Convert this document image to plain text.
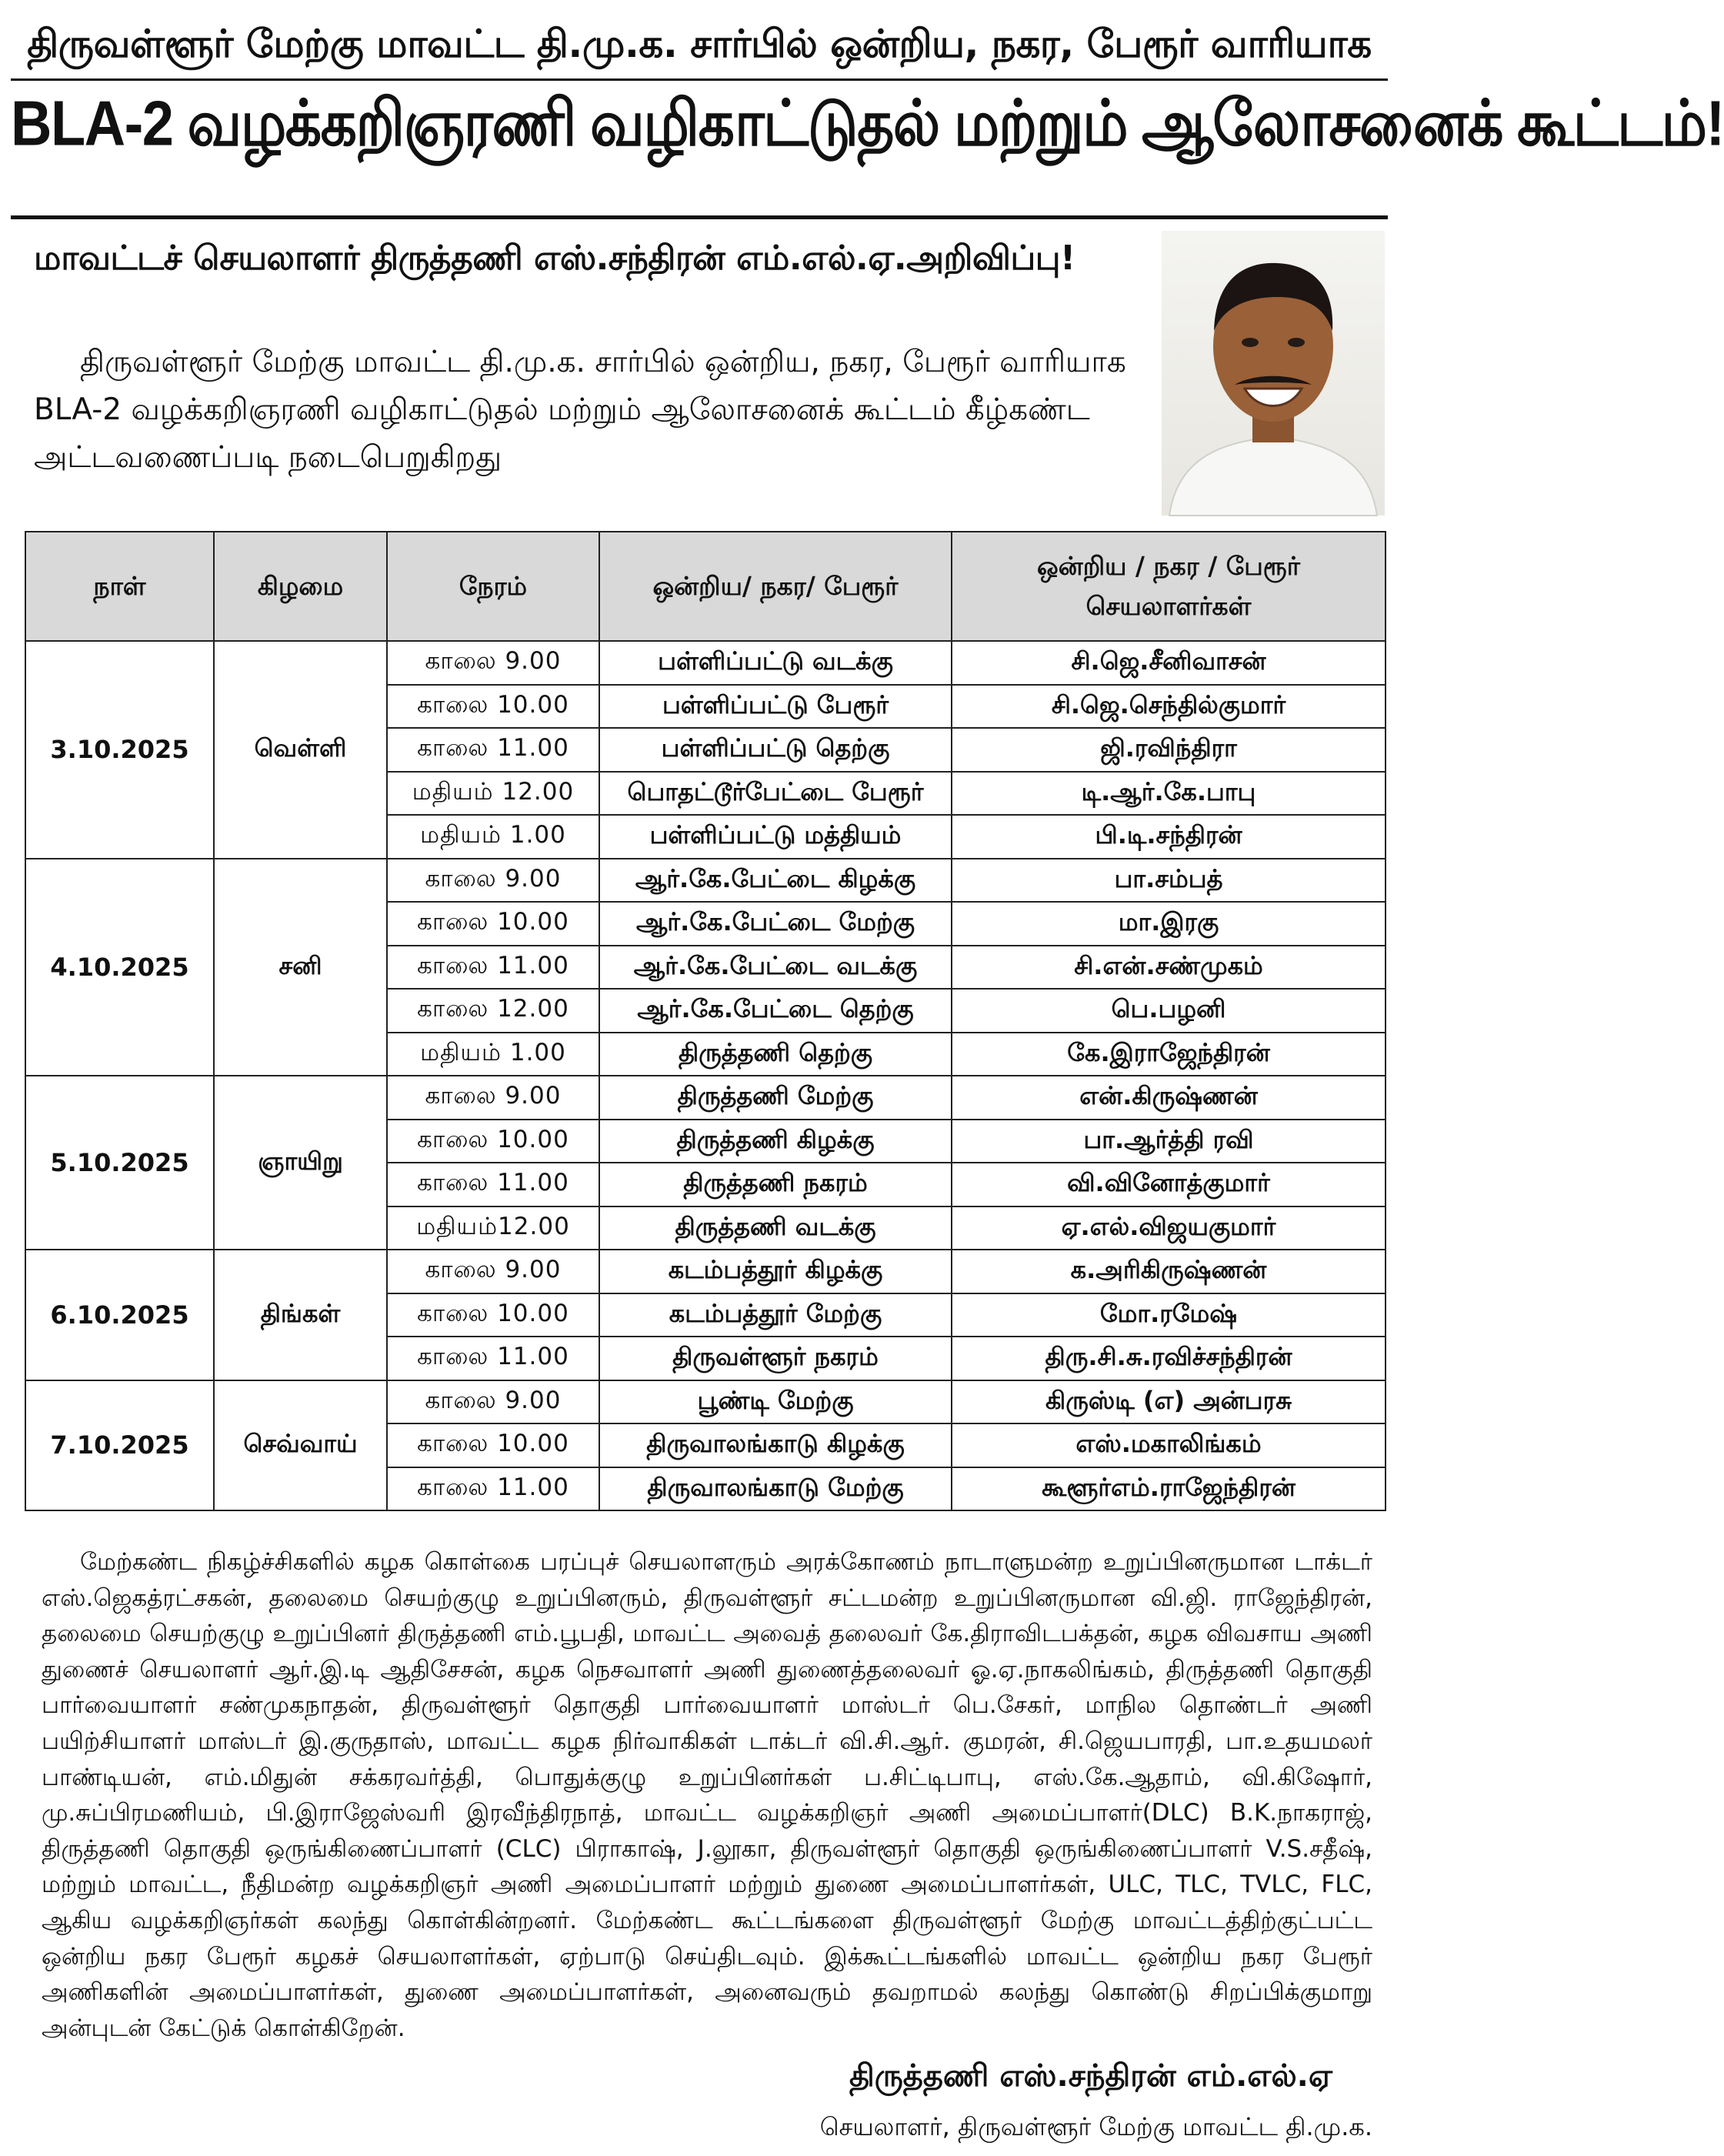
திருவள்ளூர் மேற்கு மாவட்ட தி.மு.க. சார்பில் ஒன்றிய, நகர, பேரூர் வாரியாக
BLA-2 வழக்கறிஞரணி வழிகாட்டுதல் மற்றும் ஆலோசனைக் கூட்டம்!
மாவட்டச் செயலாளர் திருத்தணி எஸ்.சந்திரன் எம்.எல்.ஏ.அறிவிப்பு!
திருவள்ளூர் மேற்கு மாவட்ட தி.மு.க. சார்பில் ஒன்றிய, நகர, பேரூர் வாரியாக BLA-2 வழக்கறிஞரணி வழிகாட்டுதல் மற்றும் ஆலோசனைக் கூட்டம் கீழ்கண்ட அட்டவணைப்படி நடைபெறுகிறது
நாள்	கிழமை	நேரம்	ஒன்றிய/ நகர/ பேரூர்	ஒன்றிய / நகர / பேரூர் செயலாளர்கள்
3.10.2025	வெள்ளி	காலை 9.00	பள்ளிப்பட்டு வடக்கு	சி.ஜெ.சீனிவாசன்
		காலை 10.00	பள்ளிப்பட்டு பேரூர்	சி.ஜெ.செந்தில்குமார்
		காலை 11.00	பள்ளிப்பட்டு தெற்கு	ஜி.ரவிந்திரா
		மதியம் 12.00	பொதட்டூர்பேட்டை பேரூர்	டி.ஆர்.கே.பாபு
		மதியம் 1.00	பள்ளிப்பட்டு மத்தியம்	பி.டி.சந்திரன்
4.10.2025	சனி	காலை 9.00	ஆர்.கே.பேட்டை கிழக்கு	பா.சம்பத்
		காலை 10.00	ஆர்.கே.பேட்டை மேற்கு	மா.இரகு
		காலை 11.00	ஆர்.கே.பேட்டை வடக்கு	சி.என்.சண்முகம்
		காலை 12.00	ஆர்.கே.பேட்டை தெற்கு	பெ.பழனி
		மதியம் 1.00	திருத்தணி தெற்கு	கே.இராஜேந்திரன்
5.10.2025	ஞாயிறு	காலை 9.00	திருத்தணி மேற்கு	என்.கிருஷ்ணன்
		காலை 10.00	திருத்தணி கிழக்கு	பா.ஆர்த்தி ரவி
		காலை 11.00	திருத்தணி நகரம்	வி.வினோத்குமார்
		மதியம்12.00	திருத்தணி வடக்கு	ஏ.எல்.விஜயகுமார்
6.10.2025	திங்கள்	காலை 9.00	கடம்பத்தூர் கிழக்கு	க.அரிகிருஷ்ணன்
		காலை 10.00	கடம்பத்தூர் மேற்கு	மோ.ரமேஷ்
		காலை 11.00	திருவள்ளூர் நகரம்	திரு.சி.சு.ரவிச்சந்திரன்
7.10.2025	செவ்வாய்	காலை 9.00	பூண்டி மேற்கு	கிருஸ்டி (எ) அன்பரசு
		காலை 10.00	திருவாலங்காடு கிழக்கு	எஸ்.மகாலிங்கம்
		காலை 11.00	திருவாலங்காடு மேற்கு	கூளூர்எம்.ராஜேந்திரன்
மேற்கண்ட நிகழ்ச்சிகளில் கழக கொள்கை பரப்புச் செயலாளரும் அரக்கோணம் நாடாளுமன்ற உறுப்பினருமான டாக்டர் எஸ்.ஜெகத்ரட்சகன், தலைமை செயற்குழு உறுப்பினரும், திருவள்ளூர் சட்டமன்ற உறுப்பினருமான வி.ஜி. ராஜேந்திரன், தலைமை செயற்குழு உறுப்பினர் திருத்தணி எம்.பூபதி, மாவட்ட அவைத் தலைவர் கே.திராவிடபக்தன், கழக விவசாய அணி துணைச் செயலாளர் ஆர்.இ.டி ஆதிசேசன், கழக நெசவாளர் அணி துணைத்தலைவர் ஓ.ஏ.நாகலிங்கம், திருத்தணி தொகுதி பார்வையாளர் சண்முகநாதன், திருவள்ளூர் தொகுதி பார்வையாளர் மாஸ்டர் பெ.சேகர், மாநில தொண்டர் அணி பயிற்சியாளர் மாஸ்டர் இ.குருதாஸ், மாவட்ட கழக நிர்வாகிகள் டாக்டர் வி.சி.ஆர். குமரன், சி.ஜெயபாரதி, பா.உதயமலர் பாண்டியன், எம்.மிதுன் சக்கரவர்த்தி, பொதுக்குழு உறுப்பினர்கள் ப.சிட்டிபாபு, எஸ்.கே.ஆதாம், வி.கிஷோர், மு.சுப்பிரமணியம், பி.இராஜேஸ்வரி இரவீந்திரநாத், மாவட்ட வழக்கறிஞர் அணி அமைப்பாளர்(DLC) B.K.நாகராஜ், திருத்தணி தொகுதி ஒருங்கிணைப்பாளர் (CLC) பிராகாஷ், J.லூகா, திருவள்ளூர் தொகுதி ஒருங்கிணைப்பாளர் V.S.சதீஷ், மற்றும் மாவட்ட, நீதிமன்ற வழக்கறிஞர் அணி அமைப்பாளர் மற்றும் துணை அமைப்பாளர்கள், ULC, TLC, TVLC, FLC, ஆகிய வழக்கறிஞர்கள் கலந்து கொள்கின்றனர். மேற்கண்ட கூட்டங்களை திருவள்ளூர் மேற்கு மாவட்டத்திற்குட்பட்ட ஒன்றிய நகர பேரூர் கழகச் செயலாளர்கள், ஏற்பாடு செய்திடவும். இக்கூட்டங்களில் மாவட்ட ஒன்றிய நகர பேரூர் அணிகளின் அமைப்பாளர்கள், துணை அமைப்பாளர்கள், அனைவரும் தவறாமல் கலந்து கொண்டு சிறப்பிக்குமாறு அன்புடன் கேட்டுக் கொள்கிறேன்.
திருத்தணி எஸ்.சந்திரன் எம்.எல்.ஏ
செயலாளர், திருவள்ளூர் மேற்கு மாவட்ட தி.மு.க.
